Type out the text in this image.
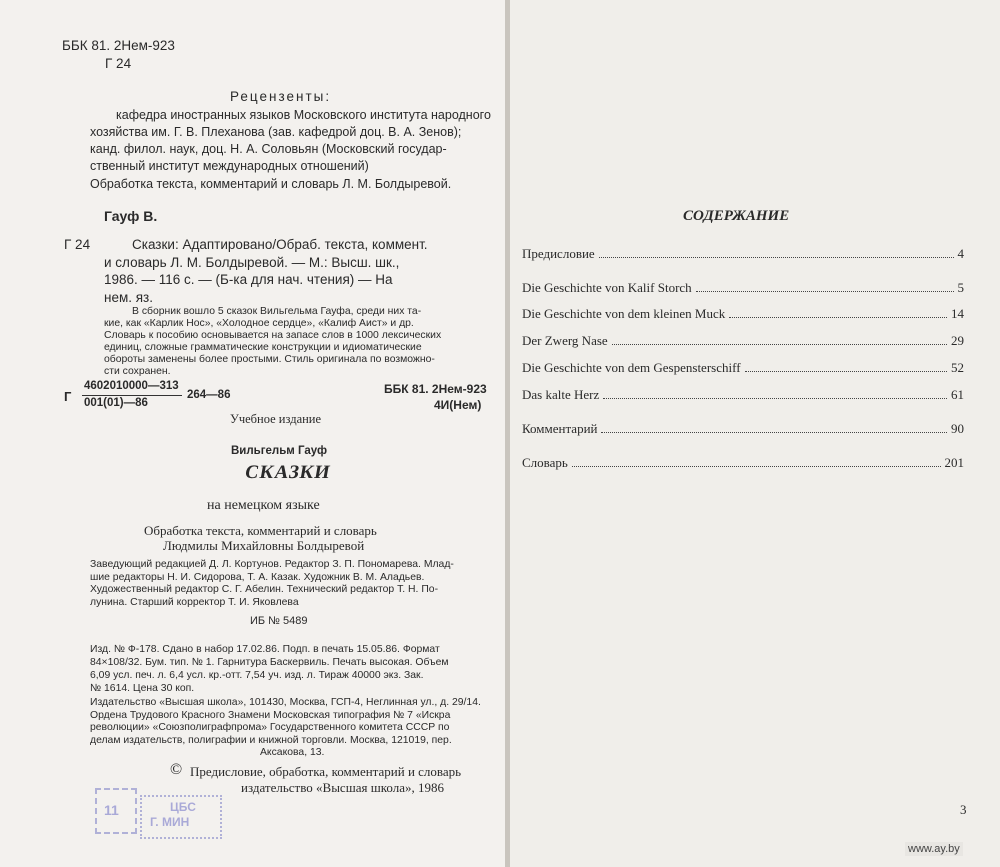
ББК 81. 2Нем-923
Г 24
Рецензенты:
кафедра иностранных языков Московского института народного
хозяйства им. Г. В. Плеханова (зав. кафедрой доц. В. А. Зенов);
канд. филол. наук, доц. Н. А. Соловьян (Московский государ-
ственный институт международных отношений)
Обработка текста, комментарий и словарь Л. М. Болдыревой.
Гауф В.
Г 24	Сказки: Адаптировано/Обраб. текста, коммент.
и словарь Л. М. Болдыревой. — М.: Высш. шк.,
1986. — 116 с. — (Б-ка для нач. чтения) — На
нем. яз.
В сборник вошло 5 сказок Вильгельма Гауфа, среди них та-
кие, как «Карлик Нос», «Холодное сердце», «Калиф Аист» и др.
Словарь к пособию основывается на запасе слов в 1000 лексических
единиц, сложные грамматические конструкции и идиоматические
обороты заменены более простыми. Стиль оригинала по возможно-
сти сохранен.
Г
4602010000—313
001(01)—86
264—86	ББК 81. 2Нем-923
4И(Нем)
Учебное издание
Вильгельм Гауф
СКАЗКИ
на немецком языке
Обработка текста, комментарий и словарь
Людмилы Михайловны Болдыревой
Заведующий редакцией Д. Л. Кортунов. Редактор З. П. Пономарева. Млад-
шие редакторы Н. И. Сидорова, Т. А. Казак. Художник В. М. Аладьев.
Художественный редактор С. Г. Абелин. Технический редактор Т. Н. По-
лунина. Старший корректор Т. И. Яковлева
ИБ № 5489
Изд. № Ф-178. Сдано в набор 17.02.86. Подп. в печать 15.05.86. Формат
84×108/32. Бум. тип. № 1. Гарнитура Баскервиль. Печать высокая. Объем
6,09 усл. печ. л. 6,4 усл. кр.-отт. 7,54 уч. изд. л. Тираж 40000 экз. Зак.
№ 1614. Цена 30 коп.
Издательство «Высшая школа», 101430, Москва, ГСП-4, Неглинная ул., д. 29/14.
Ордена Трудового Красного Знамени Московская типография № 7 «Искра
революции» «Союзполиграфпрома» Государственного комитета СССР по
делам издательств, полиграфии и книжной торговли. Москва, 121019, пер.
Аксакова, 13.
© Предисловие, обработка, комментарий и словарь
издательство «Высшая школа», 1986
11	ЦБС
Г. МИН
СОДЕРЖАНИЕ
Предисловие	4
Die Geschichte von Kalif Storch	5
Die Geschichte von dem kleinen Muck	14
Der Zwerg Nase	29
Die Geschichte von dem Gespensterschiff	52
Das kalte Herz	61
Комментарий	90
Словарь	201
3
www.ay.by
